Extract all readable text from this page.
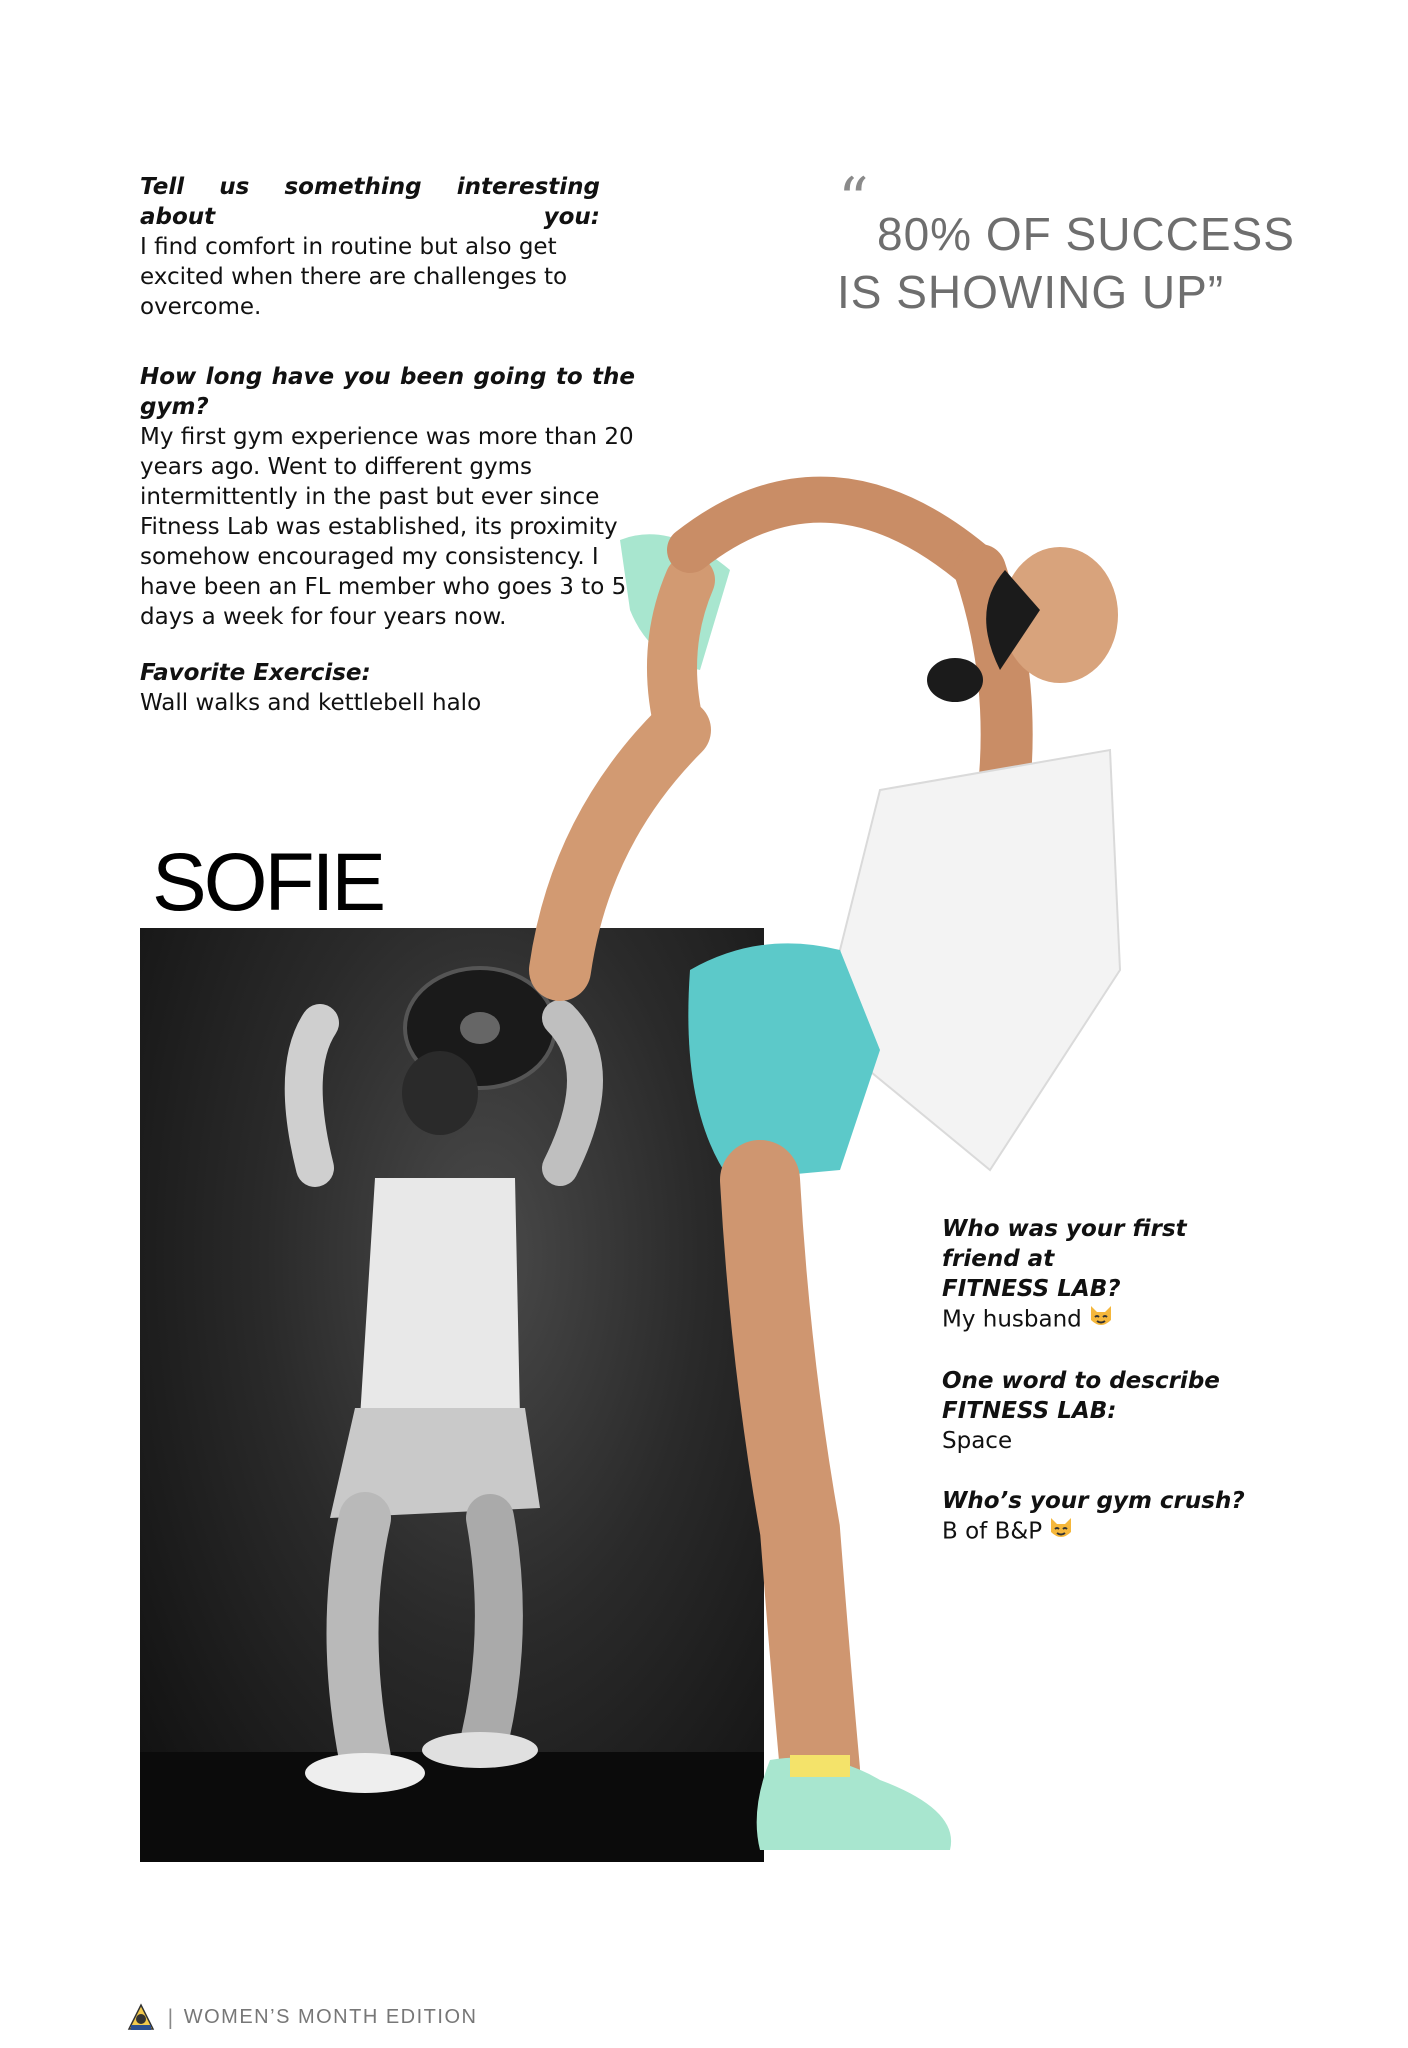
Tell us something interesting about you:

I find comfort in routine but also get excited when there are challenges to overcome.

How long have you been going to the gym?

My first gym experience was more than 20 years ago. Went to different gyms intermittently in the past but ever since Fitness Lab was established, its proximity somehow encouraged my consistency. I have been an FL member who goes 3 to 5 days a week for four years now.

Favorite Exercise:

Wall walks and kettlebell halo

“ 80% OF SUCCESS
IS SHOWING UP”
SOFIE

Who was your first

friend at

FITNESS LAB?

My husband

One word to describe

FITNESS LAB:

Space

Who’s your gym crush?

B of B&P

| WOMEN’S MONTH EDITION
